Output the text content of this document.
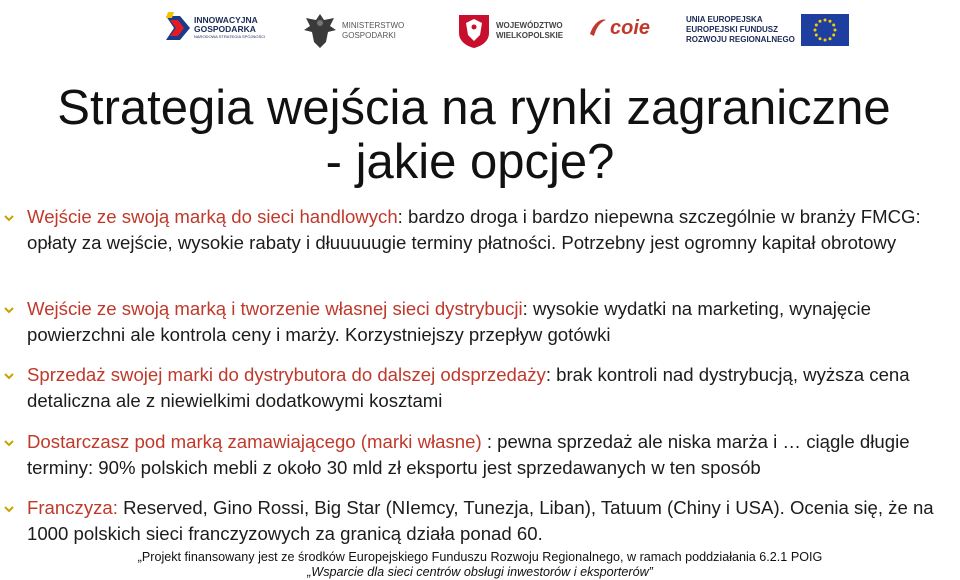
INNOWACYJNA
GOSPODARKA
NARODOWA STRATEGIA SPÓJNOŚCI
MINISTERSTWO
GOSPODARKI
WOJEWÓDZTWO
WIELKOPOLSKIE coie	UNIA EUROPEJSKA
EUROPEJSKI FUNDUSZ
ROZWOJU REGIONALNEGO
Strategia wejścia na rynki zagraniczne
- jakie opcje?
Wejście ze swoją marką do sieci handlowych: bardzo droga i bardzo niepewna szczególnie w branży FMCG: opłaty za wejście, wysokie rabaty i dłuuuuugie terminy płatności. Potrzebny jest ogromny kapitał obrotowy
Wejście ze swoją marką i tworzenie własnej sieci dystrybucji: wysokie wydatki na marketing, wynajęcie powierzchni ale kontrola ceny i marży. Korzystniejszy przepływ gotówki
Sprzedaż swojej marki do dystrybutora do dalszej odsprzedaży: brak kontroli nad dystrybucją, wyższa cena detaliczna ale z niewielkimi dodatkowymi kosztami
Dostarczasz pod marką zamawiającego (marki własne) : pewna sprzedaż ale niska marża i … ciągle długie terminy: 90% polskich mebli z około 30 mld zł eksportu jest sprzedawanych w ten sposób
Franczyza: Reserved, Gino Rossi, Big Star (NIemcy, Tunezja, Liban), Tatuum (Chiny i USA). Ocenia się, że na 1000 polskich sieci franczyzowych za granicą działa ponad 60.
„Projekt finansowany jest ze środków Europejskiego Funduszu Rozwoju Regionalnego, w ramach poddziałania 6.2.1 POIG
„Wsparcie dla sieci centrów obsługi inwestorów i eksporterów”
